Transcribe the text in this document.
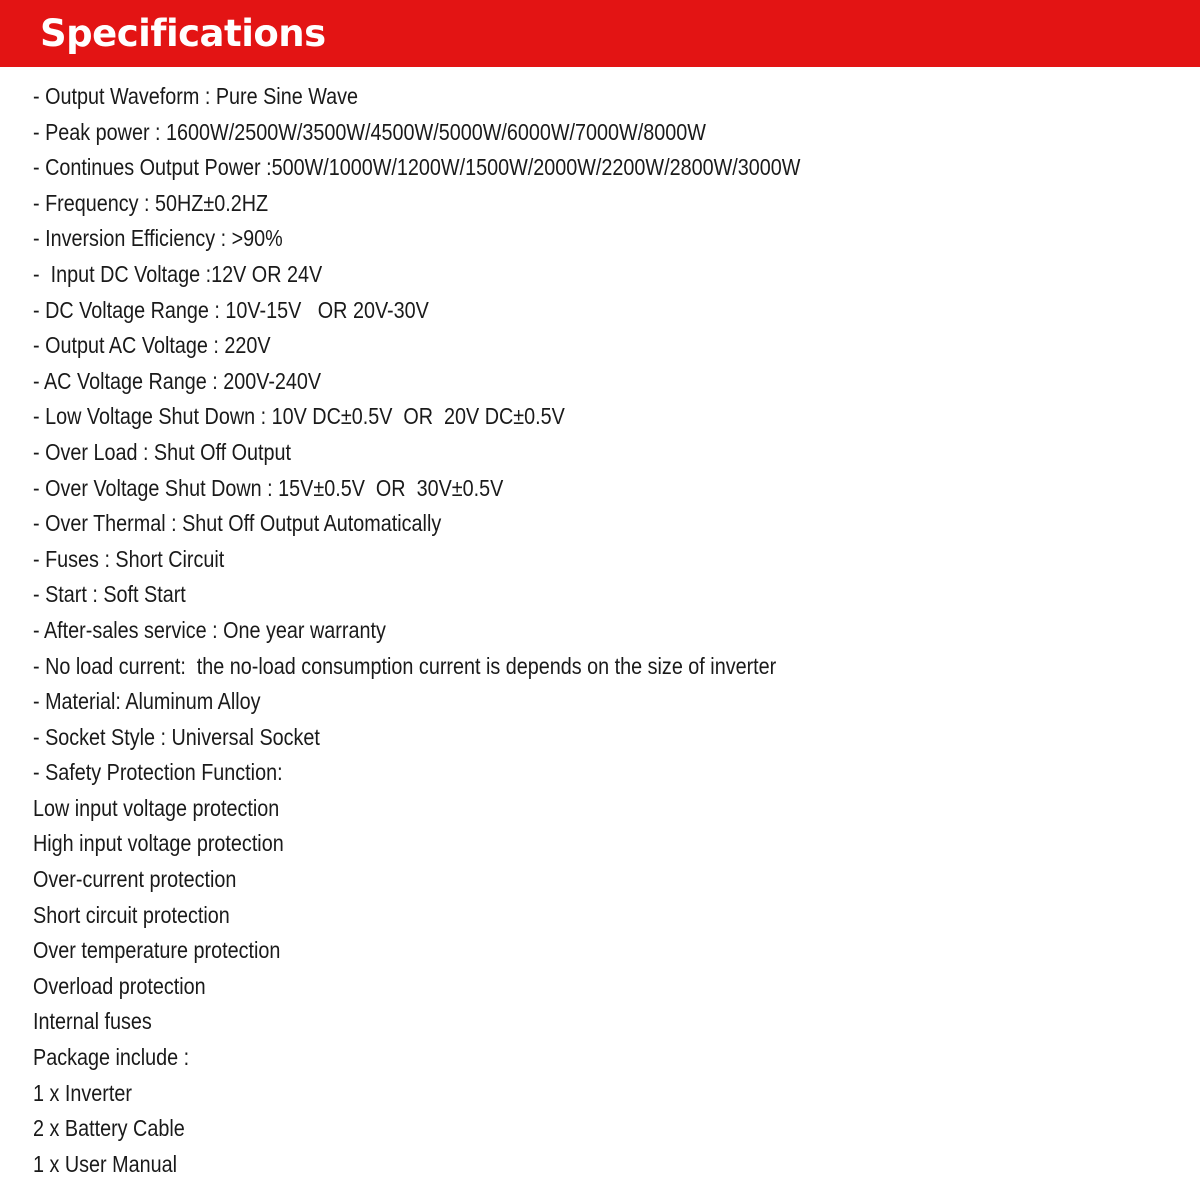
Specifications
- Output Waveform : Pure Sine Wave
- Peak power : 1600W/2500W/3500W/4500W/5000W/6000W/7000W/8000W
- Continues Output Power :500W/1000W/1200W/1500W/2000W/2200W/2800W/3000W
- Frequency : 50HZ±0.2HZ
- Inversion Efficiency : >90%
-  Input DC Voltage :12V OR 24V
- DC Voltage Range : 10V-15V   OR 20V-30V
- Output AC Voltage : 220V
- AC Voltage Range : 200V-240V
- Low Voltage Shut Down : 10V DC±0.5V  OR  20V DC±0.5V
- Over Load : Shut Off Output
- Over Voltage Shut Down : 15V±0.5V  OR  30V±0.5V
- Over Thermal : Shut Off Output Automatically
- Fuses : Short Circuit
- Start : Soft Start
- After-sales service : One year warranty
- No load current:  the no-load consumption current is depends on the size of inverter
- Material: Aluminum Alloy
- Socket Style : Universal Socket
- Safety Protection Function:
Low input voltage protection
High input voltage protection
Over-current protection
Short circuit protection
Over temperature protection
Overload protection
Internal fuses
Package include :
1 x Inverter
2 x Battery Cable
1 x User Manual
